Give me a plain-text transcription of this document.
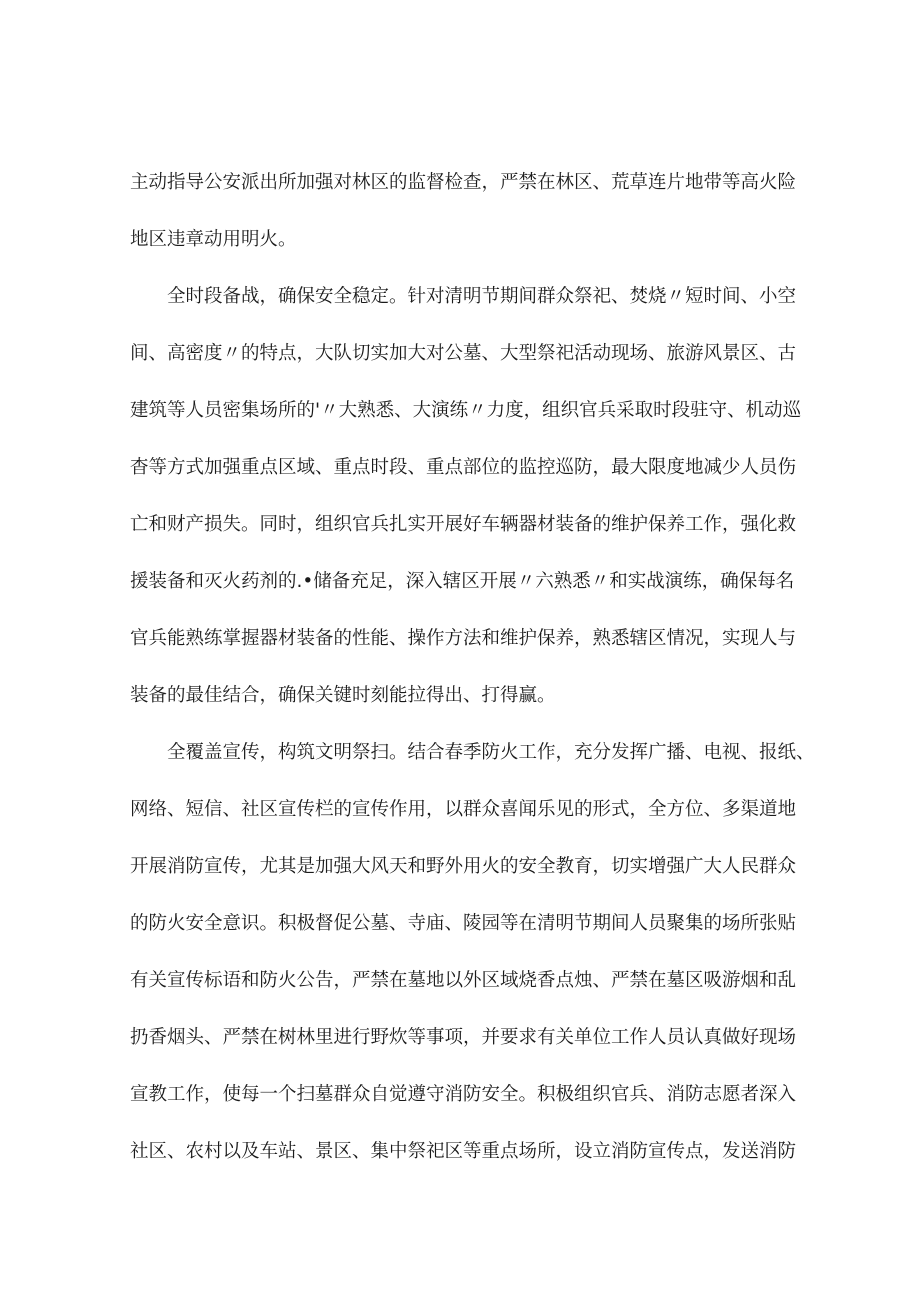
主动指导公安派出所加强对林区的监督检查，严禁在林区、荒草连片地带等高火险
地区违章动用明火。
全时段备战，确保安全稳定。针对清明节期间群众祭祀、焚烧〃短时间、小空
间、高密度〃的特点，大队切实加大对公墓、大型祭祀活动现场、旅游风景区、古
建筑等人员密集场所的'〃大熟悉、大演练〃力度，组织官兵采取时段驻守、机动巡
杳等方式加强重点区域、重点时段、重点部位的监控巡防，最大限度地减少人员伤
亡和财产损失。同时，组织官兵扎实开展好车辆器材装备的维护保养工作，强化救
援装备和灭火药剂的.•储备充足，深入辖区开展〃六熟悉〃和实战演练，确保每名
官兵能熟练掌握器材装备的性能、操作方法和维护保养，熟悉辖区情况，实现人与
装备的最佳结合，确保关键时刻能拉得出、打得赢。
全覆盖宣传，构筑文明祭扫。结合春季防火工作，充分发挥广播、电视、报纸、
网络、短信、社区宣传栏的宣传作用，以群众喜闻乐见的形式，全方位、多渠道地
开展消防宣传，尤其是加强大风天和野外用火的安全教育，切实增强广大人民群众
的防火安全意识。积极督促公墓、寺庙、陵园等在清明节期间人员聚集的场所张贴
有关宣传标语和防火公告，严禁在墓地以外区域烧香点烛、严禁在墓区吸游烟和乱
扔香烟头、严禁在树林里进行野炊等事项，并要求有关单位工作人员认真做好现场
宣教工作，使每一个扫墓群众自觉遵守消防安全。积极组织官兵、消防志愿者深入
社区、农村以及车站、景区、集中祭祀区等重点场所，设立消防宣传点，发送消防
